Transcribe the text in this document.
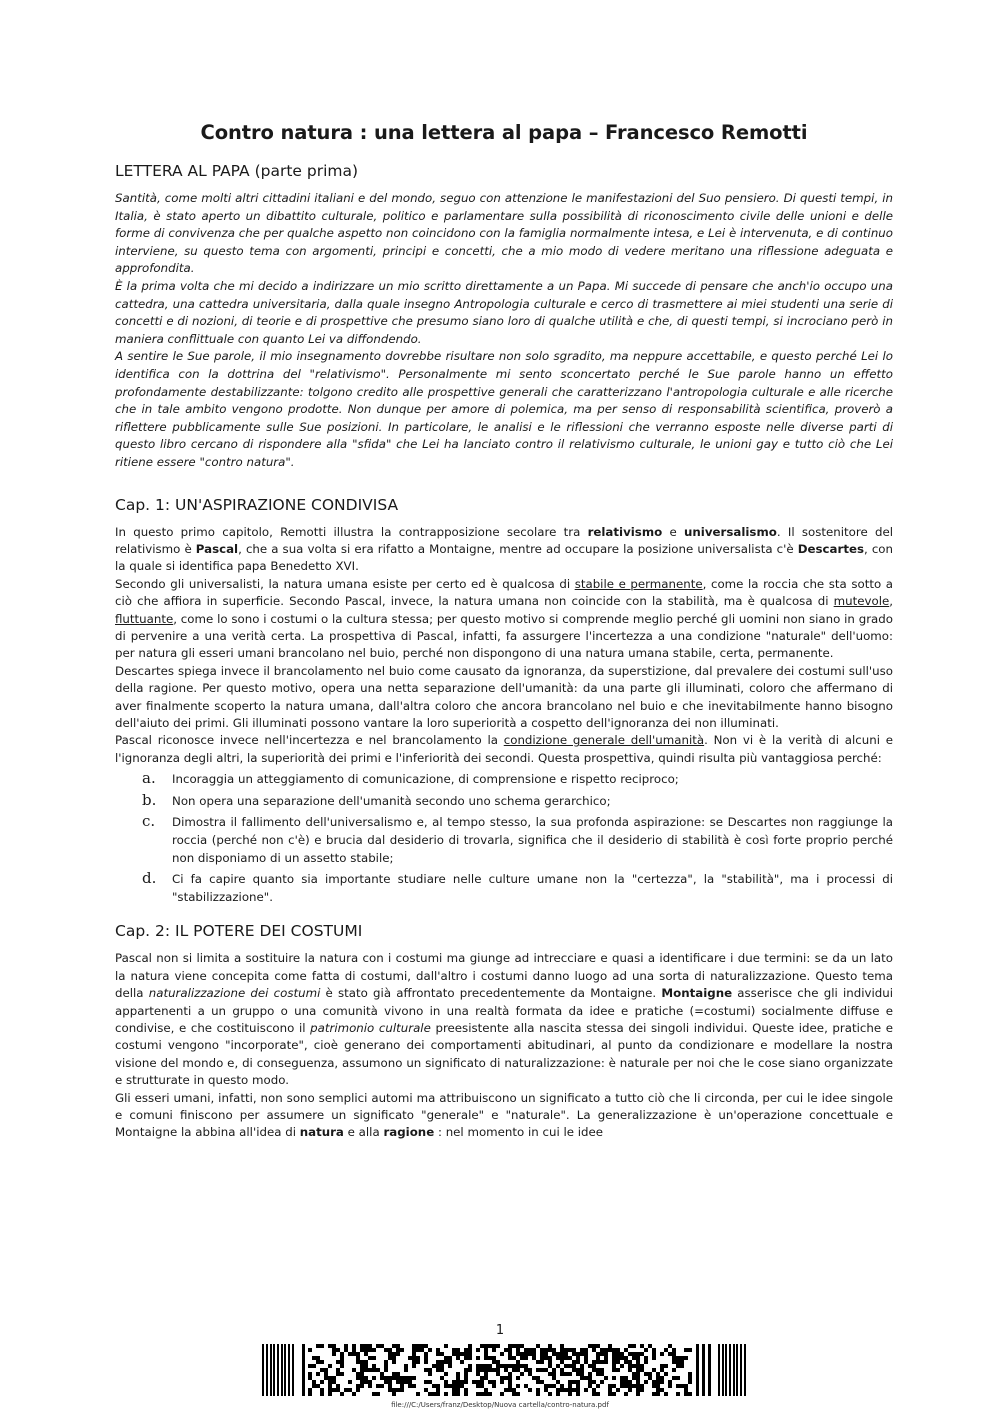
Contro natura : una lettera al papa – Francesco Remotti
LETTERA AL PAPA (parte prima)

Santità, come molti altri cittadini italiani e del mondo, seguo con attenzione le manifestazioni del Suo pensiero. Di questi tempi, in Italia, è stato aperto un dibattito culturale, politico e parlamentare sulla possibilità di riconoscimento civile delle unioni e delle forme di convivenza che per qualche aspetto non coincidono con la famiglia normalmente intesa, e Lei è intervenuta, e di continuo interviene, su questo tema con argomenti, principi e concetti, che a mio modo di vedere meritano una riflessione adeguata e approfondita.

È la prima volta che mi decido a indirizzare un mio scritto direttamente a un Papa. Mi succede di pensare che anch'io occupo una cattedra, una cattedra universitaria, dalla quale insegno Antropologia culturale e cerco di trasmettere ai miei studenti una serie di concetti e di nozioni, di teorie e di prospettive che presumo siano loro di qualche utilità e che, di questi tempi, si incrociano però in maniera conflittuale con quanto Lei va diffondendo.

A sentire le Sue parole, il mio insegnamento dovrebbe risultare non solo sgradito, ma neppure accettabile, e questo perché Lei lo identifica con la dottrina del "relativismo". Personalmente mi sento sconcertato perché le Sue parole hanno un effetto profondamente destabilizzante: tolgono credito alle prospettive generali che caratterizzano l'antropologia culturale e alle ricerche che in tale ambito vengono prodotte. Non dunque per amore di polemica, ma per senso di responsabilità scientifica, proverò a riflettere pubblicamente sulle Sue posizioni. In particolare, le analisi e le riflessioni che verranno esposte nelle diverse parti di questo libro cercano di rispondere alla "sfida" che Lei ha lanciato contro il relativismo culturale, le unioni gay e tutto ciò che Lei ritiene essere "contro natura".

Cap. 1: UN'ASPIRAZIONE CONDIVISA

In questo primo capitolo, Remotti illustra la contrapposizione secolare tra relativismo e universalismo. Il sostenitore del relativismo è Pascal, che a sua volta si era rifatto a Montaigne, mentre ad occupare la posizione universalista c'è Descartes, con la quale si identifica papa Benedetto XVI.

Secondo gli universalisti, la natura umana esiste per certo ed è qualcosa di stabile e permanente, come la roccia che sta sotto a ciò che affiora in superficie. Secondo Pascal, invece, la natura umana non coincide con la stabilità, ma è qualcosa di mutevole, fluttuante, come lo sono i costumi o la cultura stessa; per questo motivo si comprende meglio perché gli uomini non siano in grado di pervenire a una verità certa. La prospettiva di Pascal, infatti, fa assurgere l'incertezza a una condizione "naturale" dell'uomo: per natura gli esseri umani brancolano nel buio, perché non dispongono di una natura umana stabile, certa, permanente.

Descartes spiega invece il brancolamento nel buio come causato da ignoranza, da superstizione, dal prevalere dei costumi sull'uso della ragione. Per questo motivo, opera una netta separazione dell'umanità: da una parte gli illuminati, coloro che affermano di aver finalmente scoperto la natura umana, dall'altra coloro che ancora brancolano nel buio e che inevitabilmente hanno bisogno dell'aiuto dei primi. Gli illuminati possono vantare la loro superiorità a cospetto dell'ignoranza dei non illuminati.

Pascal riconosce invece nell'incertezza e nel brancolamento la condizione generale dell'umanità. Non vi è la verità di alcuni e l'ignoranza degli altri, la superiorità dei primi e l'inferiorità dei secondi. Questa prospettiva, quindi risulta più vantaggiosa perché:

a. Incoraggia un atteggiamento di comunicazione, di comprensione e rispetto reciproco;
b. Non opera una separazione dell'umanità secondo uno schema gerarchico;
c. Dimostra il fallimento dell'universalismo e, al tempo stesso, la sua profonda aspirazione: se Descartes non raggiunge la roccia (perché non c'è) e brucia dal desiderio di trovarla, significa che il desiderio di stabilità è così forte proprio perché non disponiamo di un assetto stabile;
d. Ci fa capire quanto sia importante studiare nelle culture umane non la "certezza", la "stabilità", ma i processi di "stabilizzazione".
Cap. 2: IL POTERE DEI COSTUMI

Pascal non si limita a sostituire la natura con i costumi ma giunge ad intrecciare e quasi a identificare i due termini: se da un lato la natura viene concepita come fatta di costumi, dall'altro i costumi danno luogo ad una sorta di naturalizzazione. Questo tema della naturalizzazione dei costumi è stato già affrontato precedentemente da Montaigne. Montaigne asserisce che gli individui appartenenti a un gruppo o una comunità vivono in una realtà formata da idee e pratiche (=costumi) socialmente diffuse e condivise, e che costituiscono il patrimonio culturale preesistente alla nascita stessa dei singoli individui. Queste idee, pratiche e costumi vengono "incorporate", cioè generano dei comportamenti abitudinari, al punto da condizionare e modellare la nostra visione del mondo e, di conseguenza, assumono un significato di naturalizzazione: è naturale per noi che le cose siano organizzate e strutturate in questo modo.

Gli esseri umani, infatti, non sono semplici automi ma attribuiscono un significato a tutto ciò che li circonda, per cui le idee singole e comuni finiscono per assumere un significato "generale" e "naturale". La generalizzazione è un'operazione concettuale e Montaigne la abbina all'idea di natura e alla ragione : nel momento in cui le idee

1
file:///C:/Users/franz/Desktop/Nuova cartella/contro-natura.pdf
